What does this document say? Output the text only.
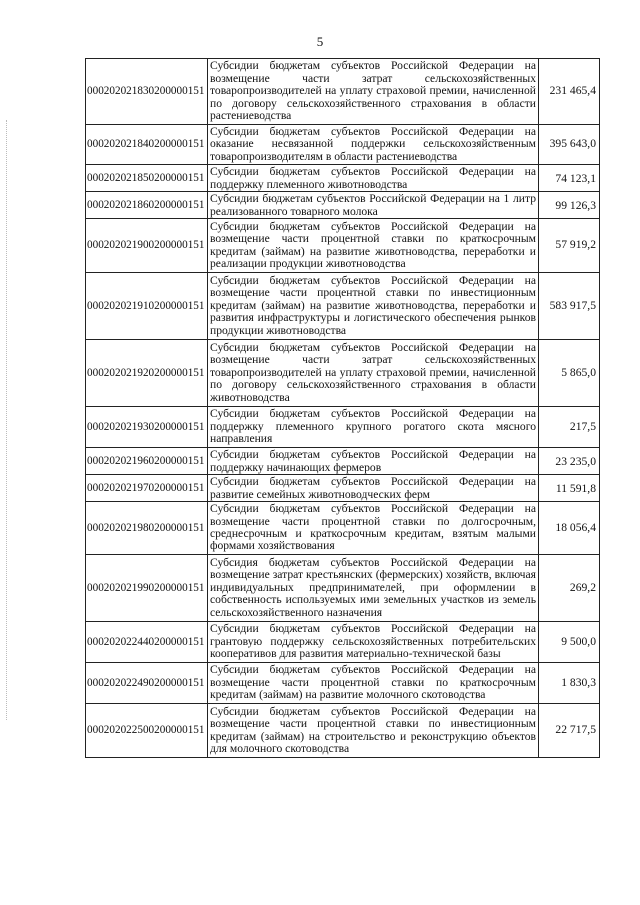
5
000202021830200000151	Субсидии бюджетам субъектов Российской Федерации на возмещение части затрат сельскохозяйственных товаропроизводителей на уплату страховой премии, начисленной по договору сельскохозяйственного страхования в области растениеводства	231 465,4
000202021840200000151	Субсидии бюджетам субъектов Российской Федерации на оказание несвязанной поддержки сельскохозяйственным товаропроизводителям в области растениеводства	395 643,0
000202021850200000151	Субсидии бюджетам субъектов Российской Федерации на поддержку племенного животноводства	74 123,1
000202021860200000151	Субсидии бюджетам субъектов Российской Федерации на 1 литр реализованного товарного молока	99 126,3
000202021900200000151	Субсидии бюджетам субъектов Российской Федерации на возмещение части процентной ставки по краткосрочным кредитам (займам) на развитие животноводства, переработки и реализации продукции животноводства	57 919,2
000202021910200000151	Субсидии бюджетам субъектов Российской Федерации на возмещение части процентной ставки по инвестиционным кредитам (займам) на развитие животноводства, переработки и развития инфраструктуры и логистического обеспечения рынков продукции животноводства	583 917,5
000202021920200000151	Субсидии бюджетам субъектов Российской Федерации на возмещение части затрат сельскохозяйственных товаропроизводителей на уплату страховой премии, начисленной по договору сельскохозяйственного страхования в области животноводства	5 865,0
000202021930200000151	Субсидии бюджетам субъектов Российской Федерации на поддержку племенного крупного рогатого скота мясного направления	217,5
000202021960200000151	Субсидии бюджетам субъектов Российской Федерации на поддержку начинающих фермеров	23 235,0
000202021970200000151	Субсидии бюджетам субъектов Российской Федерации на развитие семейных животноводческих ферм	11 591,8
000202021980200000151	Субсидии бюджетам субъектов Российской Федерации на возмещение части процентной ставки по долгосрочным, среднесрочным и краткосрочным кредитам, взятым малыми формами хозяйствования	18 056,4
000202021990200000151	Субсидия бюджетам субъектов Российской Федерации на возмещение затрат крестьянских (фермерских) хозяйств, включая индивидуальных предпринимателей, при оформлении в собственность используемых ими земельных участков из земель сельскохозяйственного назначения	269,2
000202022440200000151	Субсидии бюджетам субъектов Российской Федерации на грантовую поддержку сельскохозяйственных потребительских кооперативов для развития материально-технической базы	9 500,0
000202022490200000151	Субсидии бюджетам субъектов Российской Федерации на возмещение части процентной ставки по краткосрочным кредитам (займам) на развитие молочного скотоводства	1 830,3
000202022500200000151	Субсидии бюджетам субъектов Российской Федерации на возмещение части процентной ставки по инвестиционным кредитам (займам) на строительство и реконструкцию объектов для молочного скотоводства	22 717,5
